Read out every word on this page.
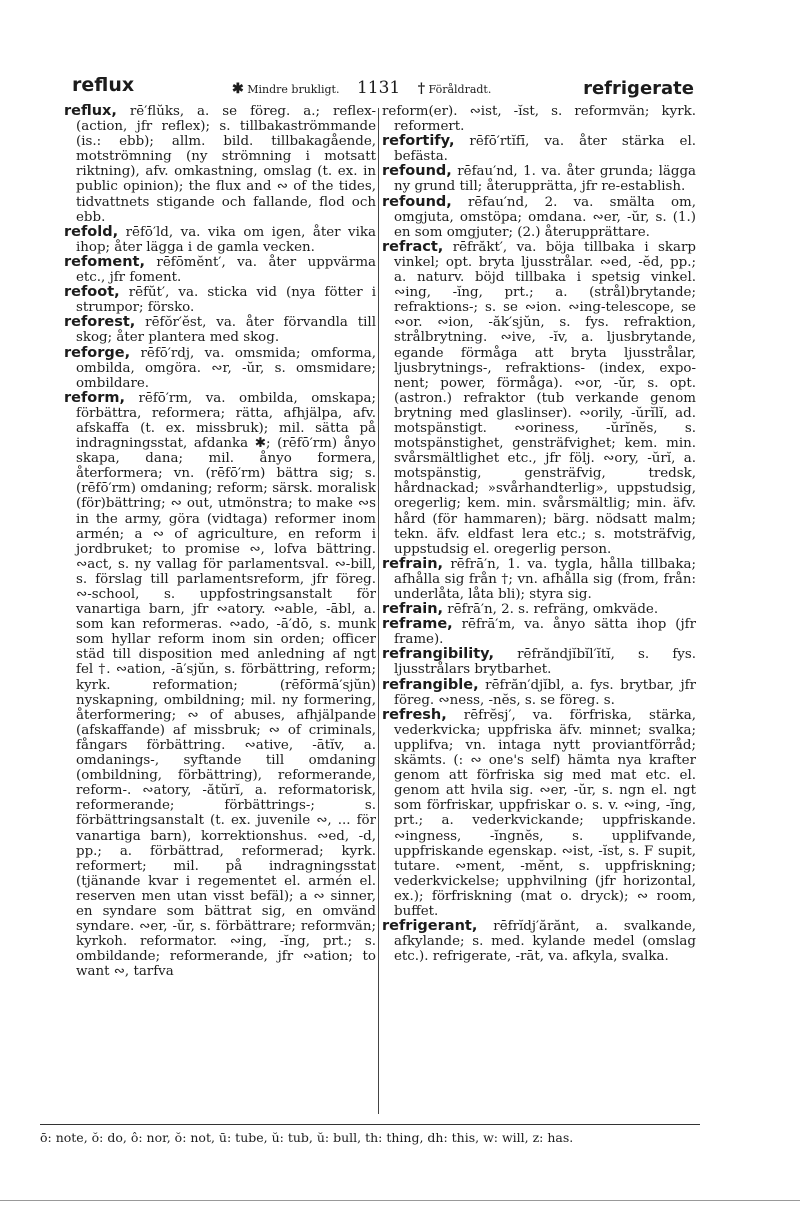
reflux	✱ Mindre brukligt. 1131 † Föråldradt.	refrigerate

reflux, rē′flŭks, a. se föreg. a.; reflex- (action, jfr reflex); s. tillbakaströmmande (is.: ebb); allm. bild. tillbakagående, motströmning (ny strömning i motsatt riktning), afv. omkastning, omslag (t. ex. in public opinion); the flux and ∾ of the tides, tidvattnets stigande och fallande, flod och ebb.

refold, rēfō′ld, va. vika om igen, åter vika ihop; åter lägga i de gamla vecken.

refoment, rēfōmĕnt′, va. åter uppvärma etc., jfr foment.

refoot, rēfŭt′, va. sticka vid (nya fötter i strumpor; försko.

reforest, rēfŏr′ĕst, va. åter förvandla till skog; åter plantera med skog.

reforge, rēfō′rdj, va. omsmida; omforma, ombilda, omgöra. ∾r, -ŭr, s. omsmidare; ombildare.

reform, rēfō′rm, va. ombilda, omskapa; förbättra, reformera; rätta, afhjälpa, afv. afskaffa (t. ex. missbruk); mil. sätta på indragningsstat, afdanka ✱; (rēfō′rm) ånyo skapa, dana; mil. ånyo formera, återformera; vn. (rēfō′rm) bättra sig; s. (rēfō′rm) omdaning; reform; särsk. moralisk (för)bättring; ∾ out, utmönstra; to make ∾s in the army, göra (vidtaga) reformer inom armén; a ∾ of agriculture, en reform i jordbruket; to promise ∾, lofva bättring. ∾act, s. ny vallag för parlamentsval. ∾-bill, s. förslag till parlamentsreform, jfr föreg. ∾-school, s. uppfostringsanstalt för vanartiga barn, jfr ∾atory. ∾able, -ābl, a. som kan reformeras. ∾ado, -ā′dō, s. munk som hyllar reform inom sin orden; officer städ till disposition med anledning af ngt fel †. ∾ation, -ā′sjŭn, s. förbättring, reform; kyrk. reformation; (rēfōrmā′sjŭn) nyskapning, ombildning; mil. ny formering, återformering; ∾ of abuses, afhjälpande (afskaffande) af missbruk; ∾ of criminals, fångars förbättring. ∾ative, -ātĭv, a. omdanings-, syftande till omdaning (ombildning, förbättring), reformerande, reform-. ∾atory, -ătŭrĭ, a. reformatorisk, reformerande; förbättrings-; s. förbättringsanstalt (t. ex. juvenile ∾, ... för vanartiga barn), korrektionshus. ∾ed, -d, pp.; a. förbättrad, reformerad; kyrk. reformert; mil. på indragningsstat (tjänande kvar i regementet el. armén el. reserven men utan visst befäl); a ∾ sinner, en syndare som bättrat sig, en omvänd syndare. ∾er, -ŭr, s. förbättrare; reformvän; kyrkoh. reformator. ∾ing, -ĭng, prt.; s. ombildande; reformerande, jfr ∾ation; to want ∾, tarfva

reform(er). ∾ist, -ĭst, s. reformvän; kyrk. reformert.

refortify, rēfō′rtĭfī, va. åter stärka el. befästa.

refound, rēfau′nd, 1. va. åter grunda; lägga ny grund till; återupprätta, jfr re-establish.

refound, rēfau′nd, 2. va. smälta om, omgjuta, omstöpa; omdana. ∾er, -ŭr, s. (1.) en som omgjuter; (2.) återupprättare.

refract, rēfrăkt′, va. böja tillbaka i skarp vinkel; opt. bryta ljusstrålar. ∾ed, -ĕd, pp.; a. naturv. böjd tillbaka i spetsig vinkel. ∾ing, -ĭng, prt.; a. (strål)brytande; refraktions-; s. se ∾ion. ∾ing-telescope, se ∾or. ∾ion, -ăk′sjŭn, s. fys. refraktion, strålbrytning. ∾ive, -ĭv, a. ljusbrytande, egande förmåga att bryta ljusstrålar, ljusbrytnings-, refraktions- (index, exponent; power, förmåga). ∾or, -ŭr, s. opt. (astron.) refraktor (tub verkande genom brytning med glaslinser). ∾orily, -ŭrĭlĭ, ad. motspänstigt. ∾oriness, -ŭrĭnĕs, s. motspänstighet, gensträfvighet; kem. min. svårsmältlighet etc., jfr följ. ∾ory, -ŭrĭ, a. motspänstig, gensträfvig, tredsk, hårdnackad; »svårhandterlig», uppstudsig, oregerlig; kem. min. svårsmältlig; min. äfv. hård (för hammaren); bärg. nödsatt malm; tekn. äfv. eldfast lera etc.; s. motsträfvig, uppstudsig el. oregerlig person.

refrain, rēfrā′n, 1. va. tygla, hålla tillbaka; afhålla sig från †; vn. afhålla sig (from, från: underlåta, låta bli); styra sig.

refrain, rēfrā′n, 2. s. refräng, omkväde.

reframe, rēfrā′m, va. ånyo sätta ihop (jfr frame).

refrangibility, rēfrăndjĭbĭl′ĭtĭ, s. fys. ljusstrålars brytbarhet.

refrangible, rēfrăn′djĭbl, a. fys. brytbar, jfr föreg. ∾ness, -nĕs, s. se föreg. s.

refresh, rēfrĕsj′, va. förfriska, stärka, vederkvicka; uppfriska äfv. minnet; svalka; upplifva; vn. intaga nytt proviantförråd; skämts. (: ∾ one's self) hämta nya krafter genom att förfriska sig med mat etc. el. genom att hvila sig. ∾er, -ŭr, s. ngn el. ngt som förfriskar, uppfriskar o. s. v. ∾ing, -ĭng, prt.; a. vederkvickande; uppfriskande. ∾ingness, -ĭngnĕs, s. upplifvande, uppfriskande egenskap. ∾ist, -ĭst, s. F supit, tutare. ∾ment, -mĕnt, s. uppfriskning; vederkvickelse; upphvilning (jfr horizontal, ex.); förfriskning (mat o. dryck); ∾ room, buffet.

refrigerant, rēfrĭdj′ărănt, a. svalkande, afkylande; s. med. kylande medel (omslag etc.). refrigerate, -rāt, va. afkyla, svalka.

ō: note, ŏ: do, ô: nor, ŏ: not, ū: tube, ŭ: tub, ŭ: bull, th: thing, dh: this, w: will, z: has.
